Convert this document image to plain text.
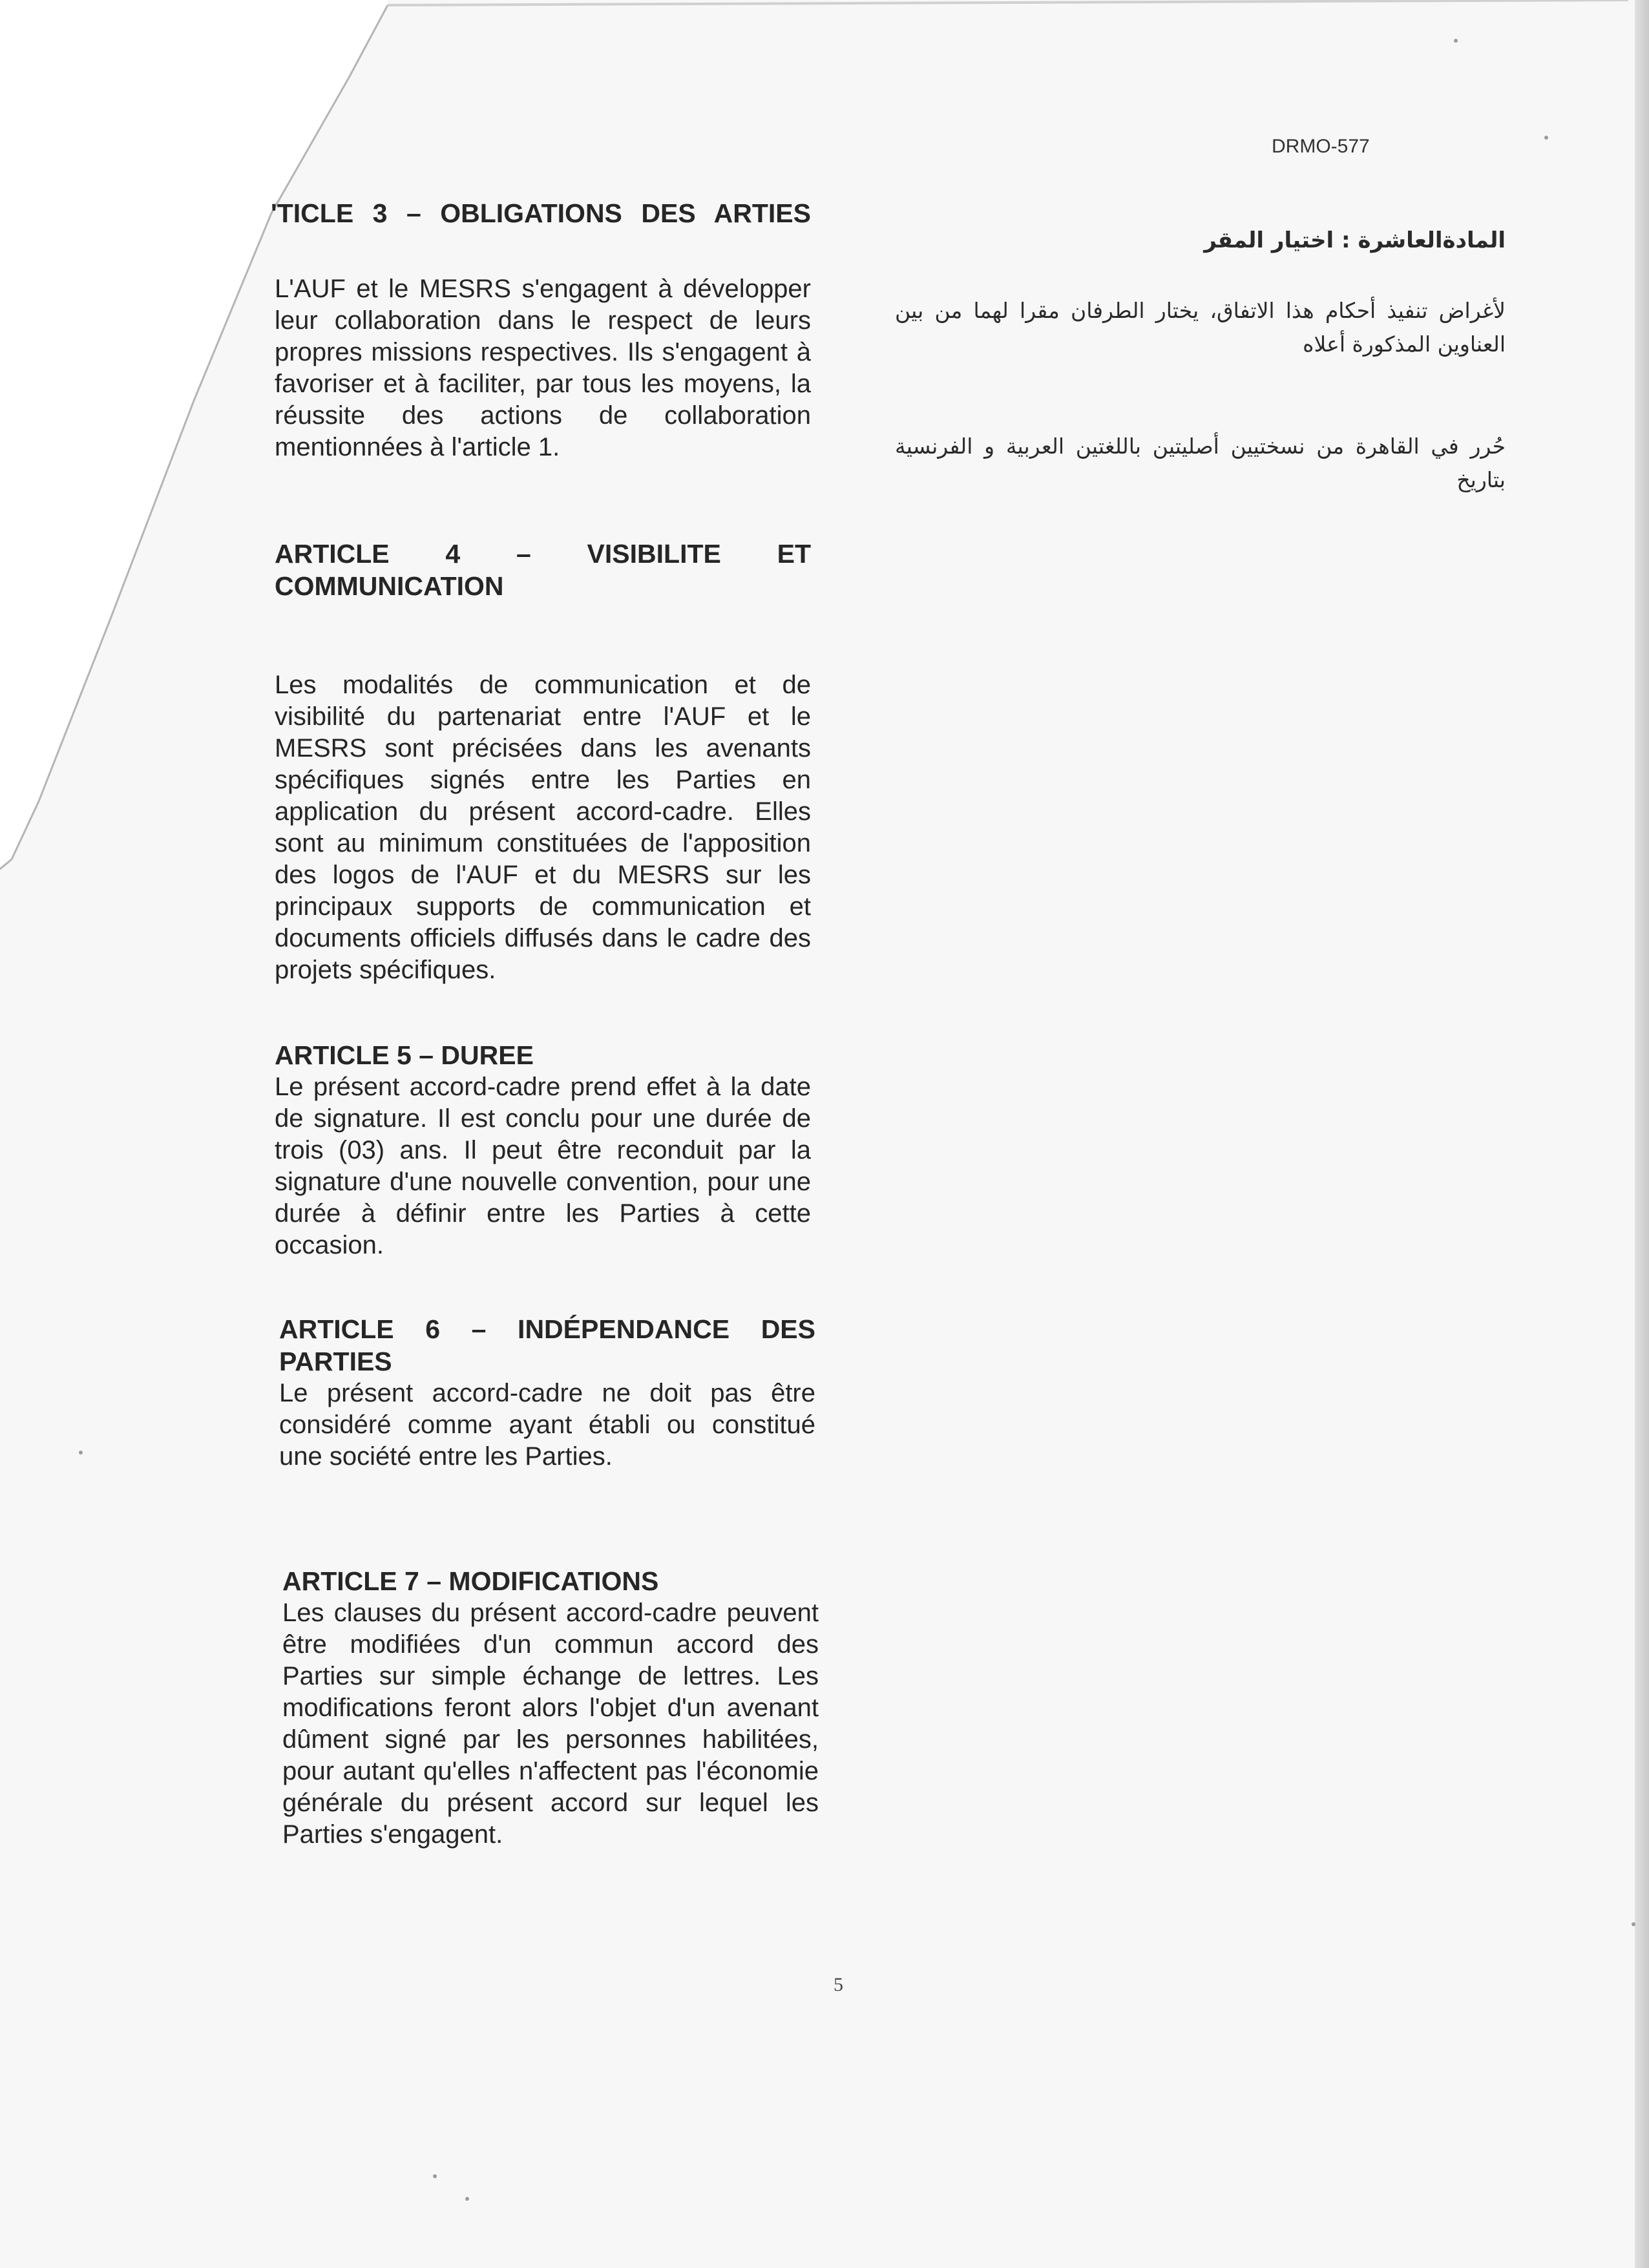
DRMO-577
'TICLE 3 – OBLIGATIONS DES ARTIES

L'AUF et le MESRS s'engagent à développer leur collaboration dans le respect de leurs propres missions respectives. Ils s'engagent à favoriser et à faciliter, par tous les moyens, la réussite des actions de collaboration mentionnées à l'article 1.

ARTICLE 4 – VISIBILITE ET COMMUNICATION

Les modalités de communication et de visibilité du partenariat entre l'AUF et le MESRS sont précisées dans les avenants spécifiques signés entre les Parties en application du présent accord-cadre. Elles sont au minimum constituées de l'apposition des logos de l'AUF et du MESRS sur les principaux supports de communication et documents officiels diffusés dans le cadre des projets spécifiques.

ARTICLE 5 – DUREE

Le présent accord-cadre prend effet à la date de signature. Il est conclu pour une durée de trois (03) ans. Il peut être reconduit par la signature d'une nouvelle convention, pour une durée à définir entre les Parties à cette occasion.

ARTICLE 6 – INDÉPENDANCE DES PARTIES

Le présent accord-cadre ne doit pas être considéré comme ayant établi ou constitué une société entre les Parties.

ARTICLE 7 – MODIFICATIONS

Les clauses du présent accord-cadre peuvent être modifiées d'un commun accord des Parties sur simple échange de lettres. Les modifications feront alors l'objet d'un avenant dûment signé par les personnes habilitées, pour autant qu'elles n'affectent pas l'économie générale du présent accord sur lequel les Parties s'engagent.

المادةالعاشرة : اختيار المقر
لأغراض تنفيذ أحكام هذا الاتفاق، يختار الطرفان مقرا لهما من بين العناوين المذكورة أعلاه
حُرر في القاهرة من نسختيين أصليتين باللغتين العربية و الفرنسية بتاريخ
5
